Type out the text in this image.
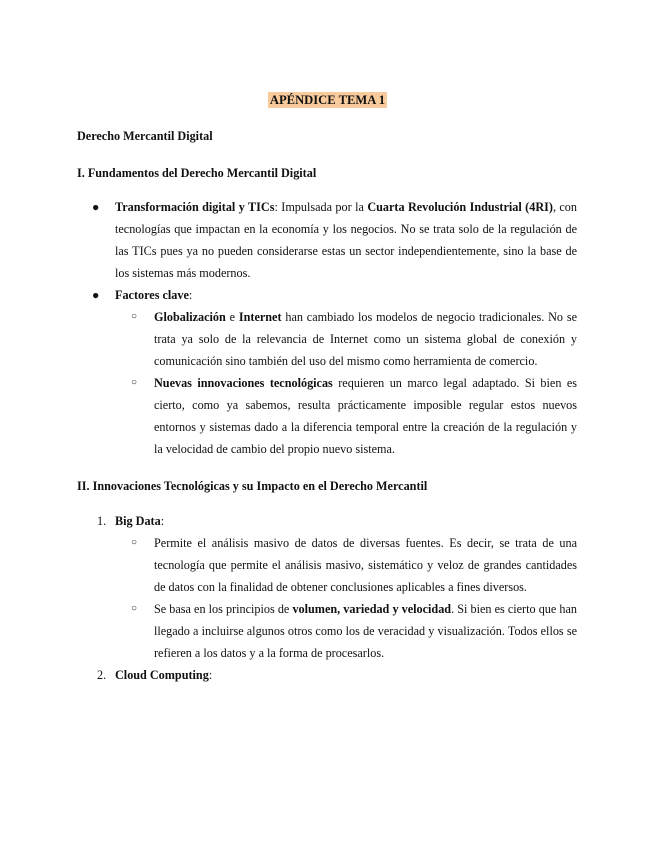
APÉNDICE TEMA 1

Derecho Mercantil Digital

I. Fundamentos del Derecho Mercantil Digital

● Transformación digital y TICs: Impulsada por la Cuarta Revolución Industrial (4RI), con tecnologías que impactan en la economía y los negocios. No se trata solo de la regulación de las TICs pues ya no pueden considerarse estas un sector independientemente, sino la base de los sistemas más modernos.
● Factores clave:
○ Globalización e Internet han cambiado los modelos de negocio tradicionales. No se trata ya solo de la relevancia de Internet como un sistema global de conexión y comunicación sino también del uso del mismo como herramienta de comercio.
○ Nuevas innovaciones tecnológicas requieren un marco legal adaptado. Si bien es cierto, como ya sabemos, resulta prácticamente imposible regular estos nuevos entornos y sistemas dado a la diferencia temporal entre la creación de la regulación y la velocidad de cambio del propio nuevo sistema.

II. Innovaciones Tecnológicas y su Impacto en el Derecho Mercantil

1. Big Data:
○ Permite el análisis masivo de datos de diversas fuentes. Es decir, se trata de una tecnología que permite el análisis masivo, sistemático y veloz de grandes cantidades de datos con la finalidad de obtener conclusiones aplicables a fines diversos.
○ Se basa en los principios de volumen, variedad y velocidad. Si bien es cierto que han llegado a incluirse algunos otros como los de veracidad y visualización. Todos ellos se refieren a los datos y a la forma de procesarlos.
2. Cloud Computing:
